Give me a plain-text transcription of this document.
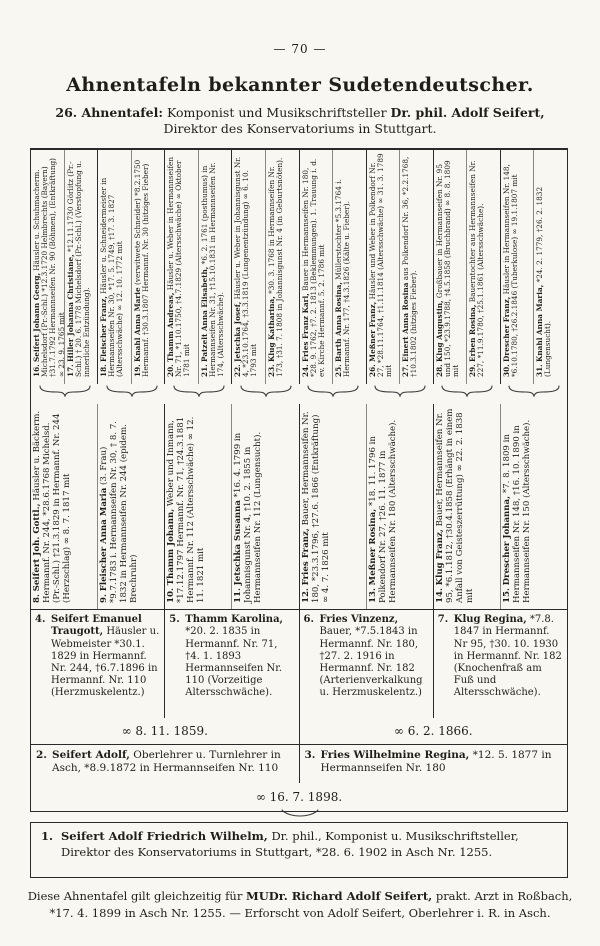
— 70 —
Ahnentafeln bekannter Sudetendeutscher.
26. Ahnentafel: Komponist und Musikschriftsteller Dr. phil. Adolf Seifert,
Direktor des Konservatoriums in Stuttgart.
16. Seifert Johann Georg, Häusler u. Schuhmacherm. Michelsdorf (Pr.-Schl.) *12.3.1720 Helmbrechts (Bayern) †31.7.1792 Hermannseifen Nr. 90 (Böhmen), (Entkräftung) ∞ 23. 9. 1765 mit 17. Hiller Johanna Christiane, *12.11.1730 Görlitz (Pr.-Schl.) † 20. 6. 1778 Michelsdorf (Pr.-Schl.) (Verstopfung u. innerliche Entzündung).	18. Fleischer Franz, Häusler u. Schneidermeister in Hermannseifen Nr. 30, *17. 5. 1749, †17. 3. 1827 (Altersschwäche) ∞ 12. 10. 1772 mit	19. Knahl Anna Marie (verwitwete Schneider) *8.2.1750 Hermannf. †30.3.1807 Hermannf. Nr. 30 (hitziges Fieber)	20. Thamm Andreas, Häusler u. Weber in Hermannseifen Nr. 71, *1.10.1750, †4.7.1829 (Altersschwäche) ∞ Oktober 1781 mit	21. Patzelt Anna Elisabeth, *6. 2. 1761 (posthumus) in Hermannseifen Nr. 31, †15.10.1831 in Hermannseifen Nr. 174, (Altersschwäche).	22. Jetschka Josef, Häusler u. Weber in Johannisgunst Nr. 4, *23.10.1764, †3.3.1819 (Lungenentzündung) ∞ 6. 10. 1793 mit	23. Klug Katharina, *30. 3. 1768 in Hermannseifen Nr. 173, †31. 7. 1808 in Johannisgunst Nr. 4 (in Geburtsnöten).	24. Fries Franz Karl, Bauer in Hermannseifen Nr. 180, *28. 9. 1762, †7. 2. 1813 (Beklemmungen). 1. Trauung i. d. ev. Kirche Hermannf. 5. 2. 1786 mit	25. Barth Anna Rosina, Müllerstochter *5.3.1764 i. Hermannf. Nr. 177, †4.3.1826 (Kälte u. Fieber).	26. Meßner Franz, Häusler und Weber in Polkendorf Nr. 27, *28.11.1764, †1.11.1814 (Altersschwäche) ∞ 31. 3. 1789 mit	27. Einert Anna Rosina aus Polkendorf Nr. 36, *2.2.1768, †10.3.1802 (hitziges Fieber).	28. Klug Augustin, Großbauer in Hermannseifen Nr. 95 und 150, *23.9.1788, †4.5.1858 (Bruchbrand) ∞ 8. 8. 1809 mit	29. Erben Rosina, Bauerntochter aus Hermannseifen Nr. 227, *11.9.1780, †25.1.1861 (Altersschwäche).	30. Drescher Franz, Häusler in Hermannseifen Nr. 148, *6.10.1780, †26.2.1846 (Tuberkulose) ∞ 19.1.1807 mit	31. Knahl Anna Maria, *24. 2. 1779, †26. 2. 1832 (Lungensucht).
8. Seifert Joh. Gottl., Häusler u. Bäckerm. Hermannf. Nr. 244, *28.6.1768 Michelsd. (Pr.-Schl.) †21.3.1829 in Hermannf. Nr. 244 (Herzschlag) ∞ 8. 7. 1817 mit	9. Fleischer Anna Maria (3. Frau) *9.7.1783 i. Hermannseifen Nr. 30, † 8. 7. 1832 in Hermannseifen Nr. 244 (epidem. Brechruhr)	10. Thamm Johann, Weber und Inmann, *17.12.1797 Hermannf. Nr. 71, †24.3.1881 Hermannf. Nr. 112 (Altersschwäche) ∞ 12. 11. 1821 mit	11. Jetschka Susanna *16. 4. 1799 in Johannisgunst Nr. 4, †10. 2. 1855 in Hermannseifen Nr. 112 (Lungensucht).	12. Fries Franz, Bauer, Hermannseifen Nr. 180, *23.3.1796, †27.6. 1866 (Entkräftung) ∞ 4. 7. 1826 mit	13. Meßner Rosina, *18. 11. 1796 in Polkendorf Nr. 27, †26. 11. 1877 in Hermannseifen Nr. 180 (Altersschwäche).	14. Klug Franz, Bauer, Hermannseifen Nr. 95, *6.1.1812, †30.4.1858 (Erhängt in einem Anfall von Geisteszerrüttung) ∞ 22. 2. 1838 mit	15. Drescher Johanna, *7. 8. 1809 in Hermannseifen Nr. 148, †16. 10. 1890 in Hermannseifen Nr. 150 (Altersschwäche).
4. Seifert Emanuel Traugott, Häusler u. Webmeister *30.1. 1829 in Hermannf. Nr. 244, †6.7.1896 in Hermannf. Nr. 110 (Herzmuskelentz.)
5. Thamm Karolina, *20. 2. 1835 in Hermannf. Nr. 71, †4. 1. 1893 Hermannseifen Nr. 110 (Vorzeitige Altersschwäche).
6. Fries Vinzenz, Bauer, *7.5.1843 in Hermannf. Nr. 180, †27. 2. 1916 in Hermannf. Nr. 182 (Arterienverkalkung u. Herzmuskelentz.)
7. Klug Regina, *7.8. 1847 in Hermannf. Nr 95, †30. 10. 1930 in Hermannf. Nr. 182 (Knochenfraß am Fuß und Altersschwäche).
∞ 8. 11. 1859.	∞ 6. 2. 1866.
2. Seifert Adolf, Oberlehrer u. Turnlehrer in Asch, *8.9.1872 in Hermannseifen Nr. 110
3. Fries Wilhelmine Regina, *12. 5. 1877 in Hermannseifen Nr. 180
∞ 16. 7. 1898.
1. Seifert Adolf Friedrich Wilhelm, Dr. phil., Komponist u. Musikschriftsteller, Direktor des Konservatoriums in Stuttgart, *28. 6. 1902 in Asch Nr. 1255.
Diese Ahnentafel gilt gleichzeitig für MUDr. Richard Adolf Seifert, prakt. Arzt in Roßbach,
*17. 4. 1899 in Asch Nr. 1255. — Erforscht von Adolf Seifert, Oberlehrer i. R. in Asch.
